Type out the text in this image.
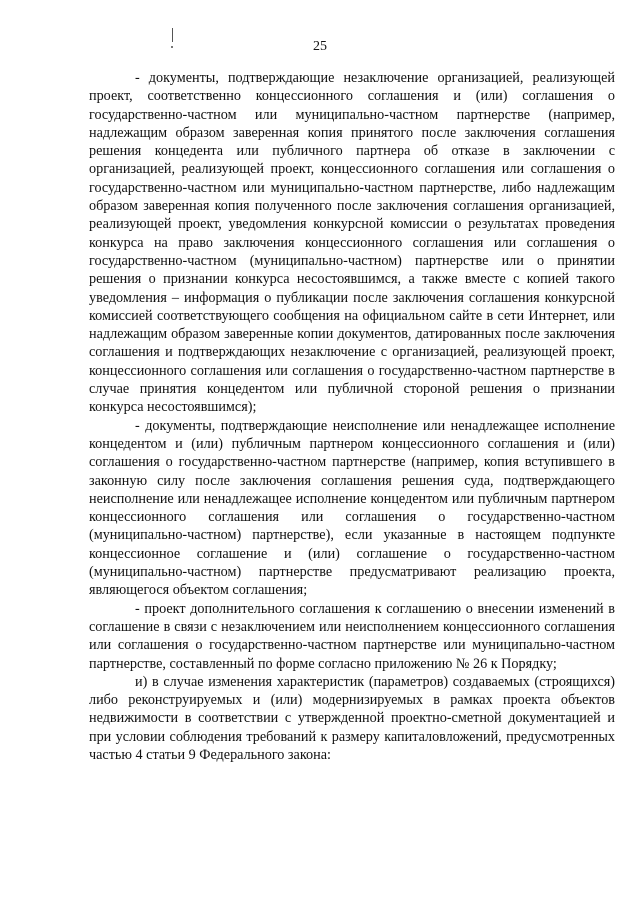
25

- документы, подтверждающие незаключение организацией, реализующей проект, соответственно концессионного соглашения и (или) соглашения о государственно-частном или муниципально-частном партнерстве (например, надлежащим образом заверенная копия принятого после заключения соглашения решения концедента или публичного партнера об отказе в заключении с организацией, реализующей проект, концессионного соглашения или соглашения о государственно-частном или муниципально-частном партнерстве, либо надлежащим образом заверенная копия полученного после заключения соглашения организацией, реализующей проект, уведомления конкурсной комиссии о результатах проведения конкурса на право заключения концессионного соглашения или соглашения о государственно-частном (муниципально-частном) партнерстве или о принятии решения о признании конкурса несостоявшимся, а также вместе с копией такого уведомления – информация о публикации после заключения соглашения конкурсной комиссией соответствующего сообщения на официальном сайте в сети Интернет, или надлежащим образом заверенные копии документов, датированных после заключения соглашения и подтверждающих незаключение с организацией, реализующей проект, концессионного соглашения или соглашения о государственно-частном партнерстве в случае принятия концедентом или публичной стороной решения о признании конкурса несостоявшимся);

- документы, подтверждающие неисполнение или ненадлежащее исполнение концедентом и (или) публичным партнером концессионного соглашения и (или) соглашения о государственно-частном партнерстве (например, копия вступившего в законную силу после заключения соглашения решения суда, подтверждающего неисполнение или ненадлежащее исполнение концедентом или публичным партнером концессионного соглашения или соглашения о государственно-частном (муниципально-частном) партнерстве), если указанные в настоящем подпункте концессионное соглашение и (или) соглашение о государственно-частном (муниципально-частном) партнерстве предусматривают реализацию проекта, являющегося объектом соглашения;

- проект дополнительного соглашения к соглашению о внесении изменений в соглашение в связи с незаключением или неисполнением концессионного соглашения или соглашения о государственно-частном партнерстве или муниципально-частном партнерстве, составленный по форме согласно приложению № 26 к Порядку;

и) в случае изменения характеристик (параметров) создаваемых (строящихся) либо реконструируемых и (или) модернизируемых в рамках проекта объектов недвижимости в соответствии с утвержденной проектно-сметной документацией и при условии соблюдения требований к размеру капиталовложений, предусмотренных частью 4 статьи 9 Федерального закона:
